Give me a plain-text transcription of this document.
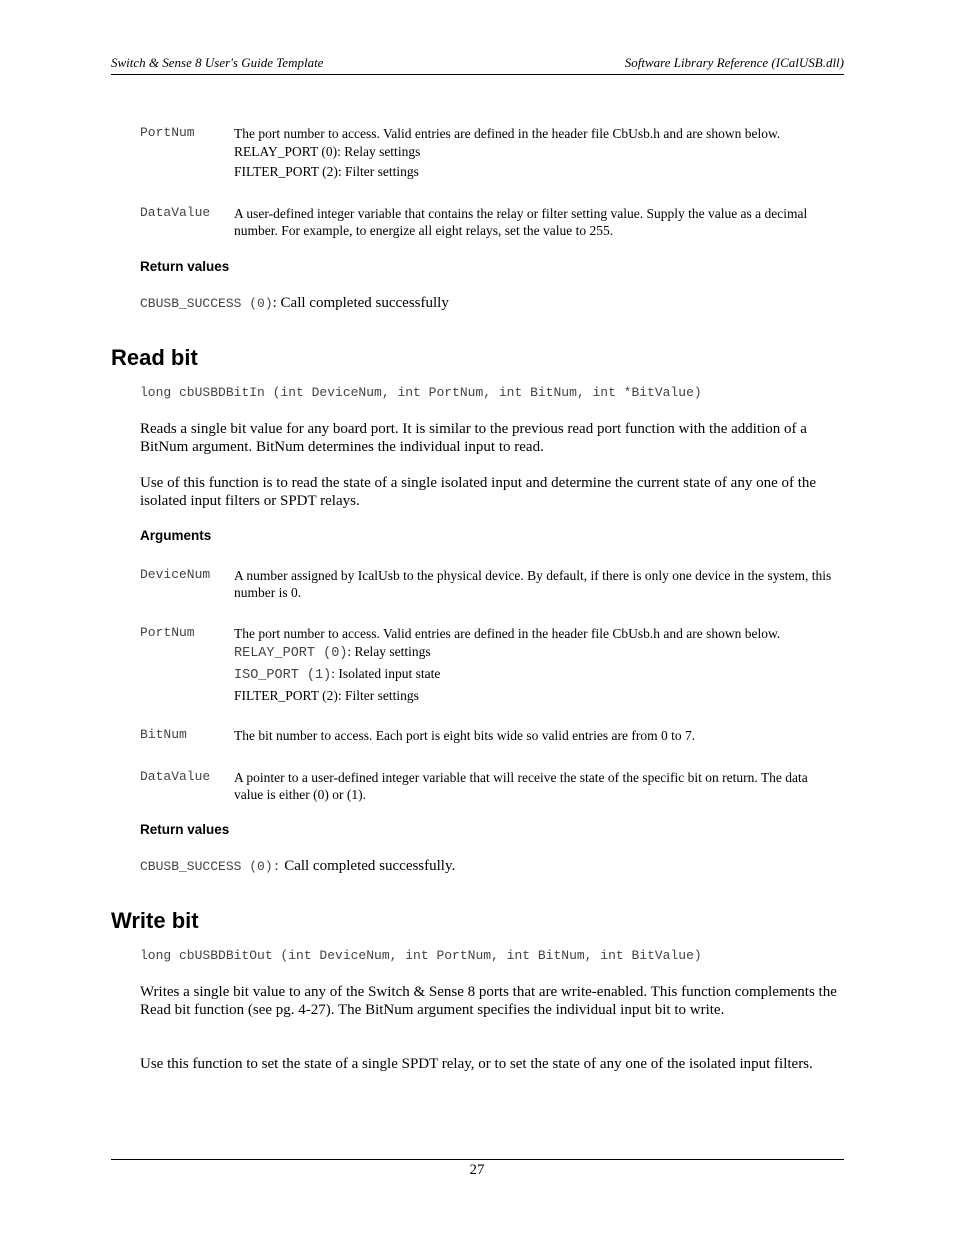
Switch & Sense 8 User's Guide Template	Software Library Reference (ICalUSB.dll)
PortNum	The port number to access. Valid entries are defined in the header file CbUsb.h and are shown below.
RELAY_PORT (0): Relay settings
FILTER_PORT (2): Filter settings
DataValue A user-defined integer variable that contains the relay or filter setting value. Supply the value as a decimal number. For example, to energize all eight relays, set the value to 255.
Return values
CBUSB_SUCCESS (0): Call completed successfully
Read bit
long cbUSBDBitIn (int DeviceNum, int PortNum, int BitNum, int *BitValue)
Reads a single bit value for any board port. It is similar to the previous read port function with the addition of a BitNum argument. BitNum determines the individual input to read.
Use of this function is to read the state of a single isolated input and determine the current state of any one of the isolated input filters or SPDT relays.
Arguments
DeviceNum A number assigned by IcalUsb to the physical device. By default, if there is only one device in the system, this number is 0.
PortNum	The port number to access. Valid entries are defined in the header file CbUsb.h and are shown below.
RELAY_PORT (0): Relay settings
ISO_PORT (1): Isolated input state
FILTER_PORT (2): Filter settings
BitNum	The bit number to access. Each port is eight bits wide so valid entries are from 0 to 7.
DataValue A pointer to a user-defined integer variable that will receive the state of the specific bit on return. The data value is either (0) or (1).
Return values
CBUSB_SUCCESS (0): Call completed successfully.
Write bit
long cbUSBDBitOut (int DeviceNum, int PortNum, int BitNum, int BitValue)
Writes a single bit value to any of the Switch & Sense 8 ports that are write-enabled. This function complements the Read bit function (see pg. 4-27). The BitNum argument specifies the individual input bit to write.
Use this function to set the state of a single SPDT relay, or to set the state of any one of the isolated input filters.
27
